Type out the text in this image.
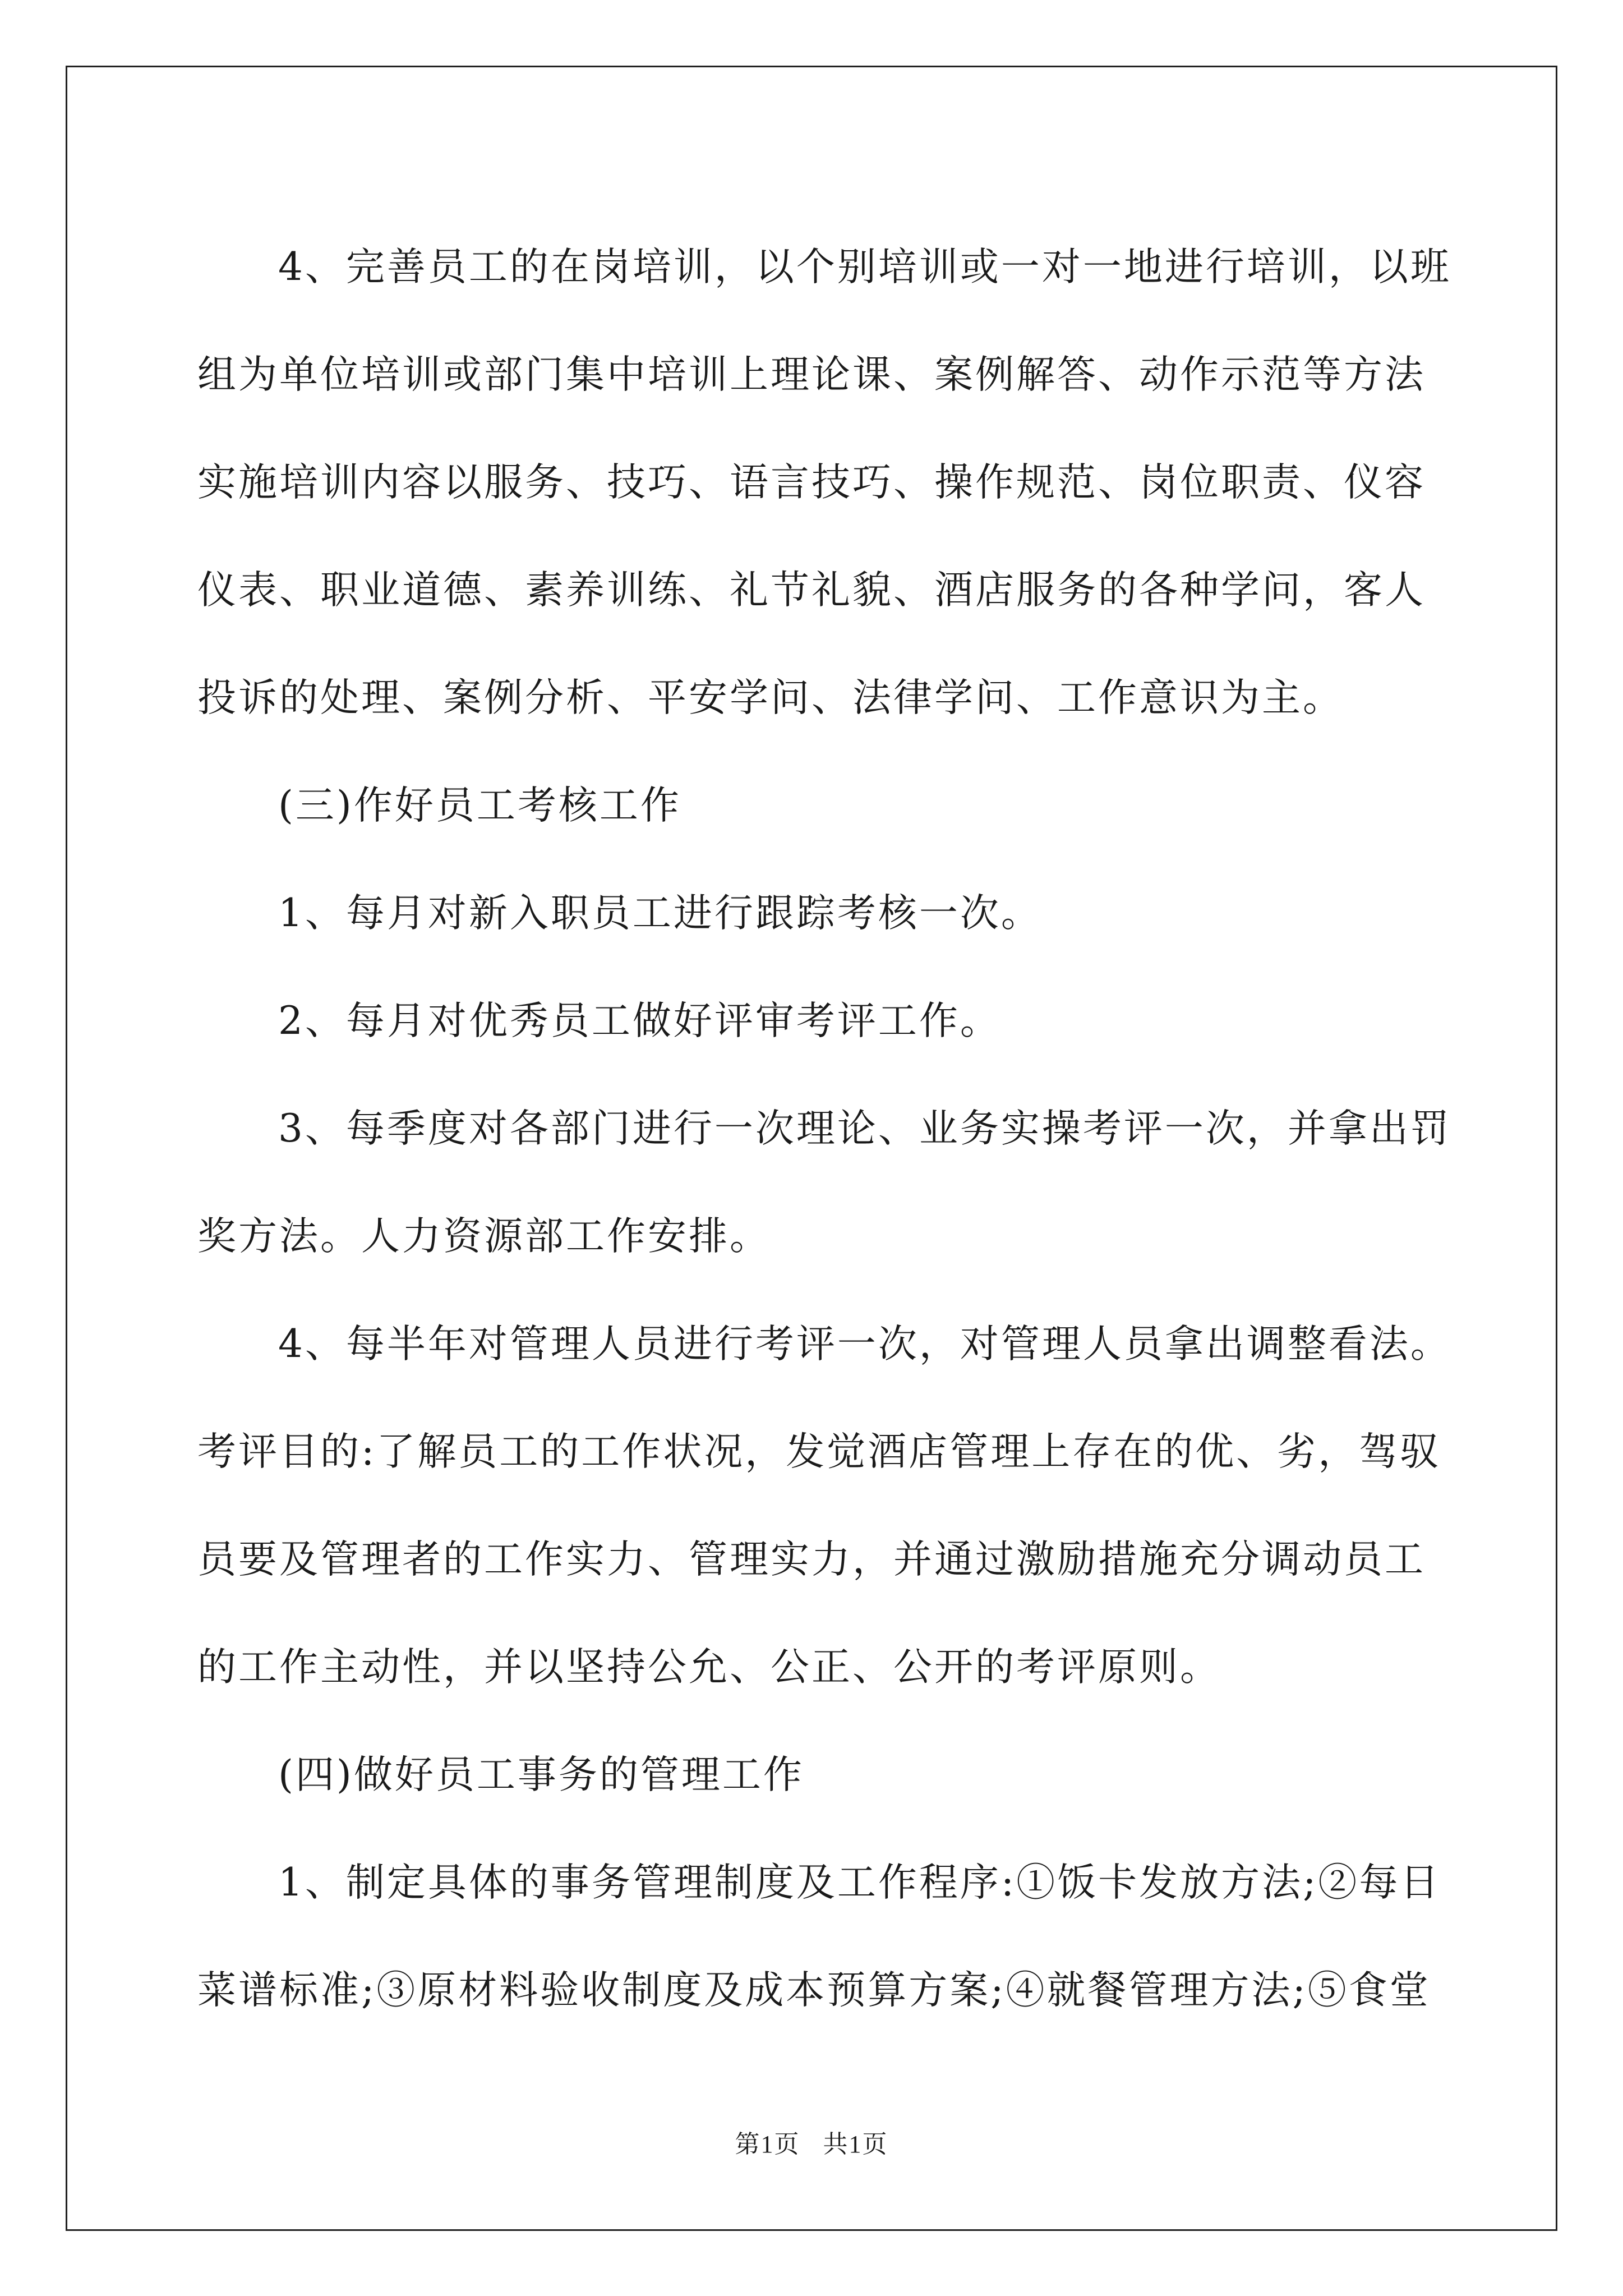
4、完善员工的在岗培训，以个别培训或一对一地进行培训，以班

组为单位培训或部门集中培训上理论课、案例解答、动作示范等方法

实施培训内容以服务、技巧、语言技巧、操作规范、岗位职责、仪容

仪表、职业道德、素养训练、礼节礼貌、酒店服务的各种学问，客人

投诉的处理、案例分析、平安学问、法律学问、工作意识为主。

(三)作好员工考核工作

1、每月对新入职员工进行跟踪考核一次。

2、每月对优秀员工做好评审考评工作。

3、每季度对各部门进行一次理论、业务实操考评一次，并拿出罚

奖方法。人力资源部工作安排。

4、每半年对管理人员进行考评一次，对管理人员拿出调整看法。

考评目的:了解员工的工作状况，发觉酒店管理上存在的优、劣，驾驭

员要及管理者的工作实力、管理实力，并通过激励措施充分调动员工

的工作主动性，并以坚持公允、公正、公开的考评原则。

(四)做好员工事务的管理工作

1、制定具体的事务管理制度及工作程序:①饭卡发放方法;②每日

菜谱标准;③原材料验收制度及成本预算方案;④就餐管理方法;⑤食堂

第1页 共1页
